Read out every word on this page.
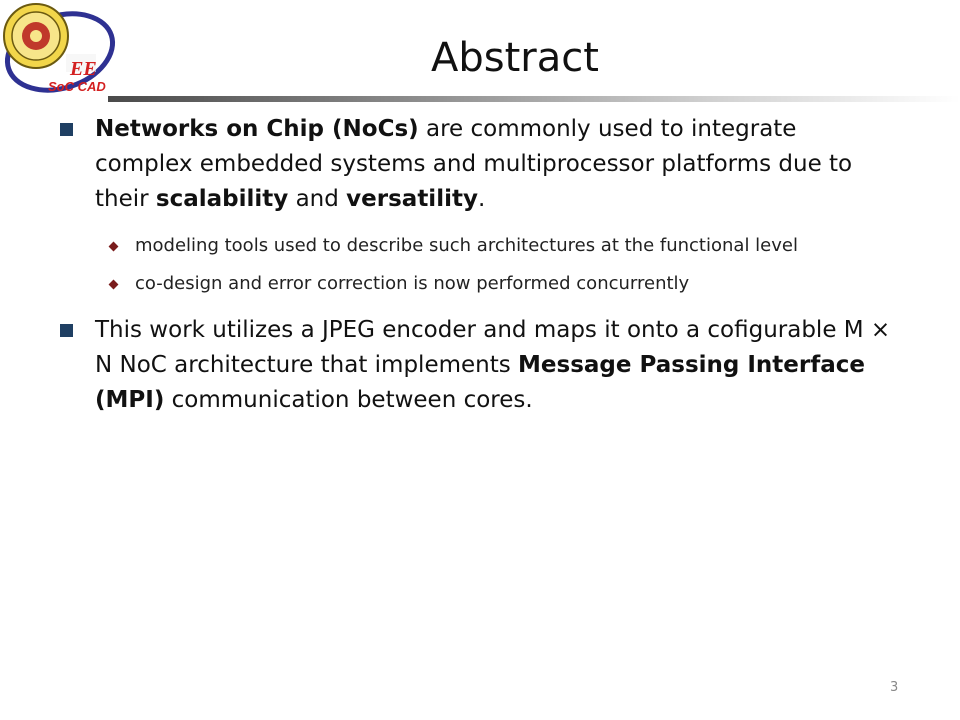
EE
SoC CAD
Abstract
Networks on Chip (NoCs) are commonly used to integrate complex embedded systems and multiprocessor platforms due to their scalability and versatility.
modeling tools used to describe such architectures at the functional level
co-design and error correction is now performed concurrently
This work utilizes a JPEG encoder and maps it onto a cofigurable M × N NoC architecture that implements Message Passing Interface (MPI) communication between cores.
3
